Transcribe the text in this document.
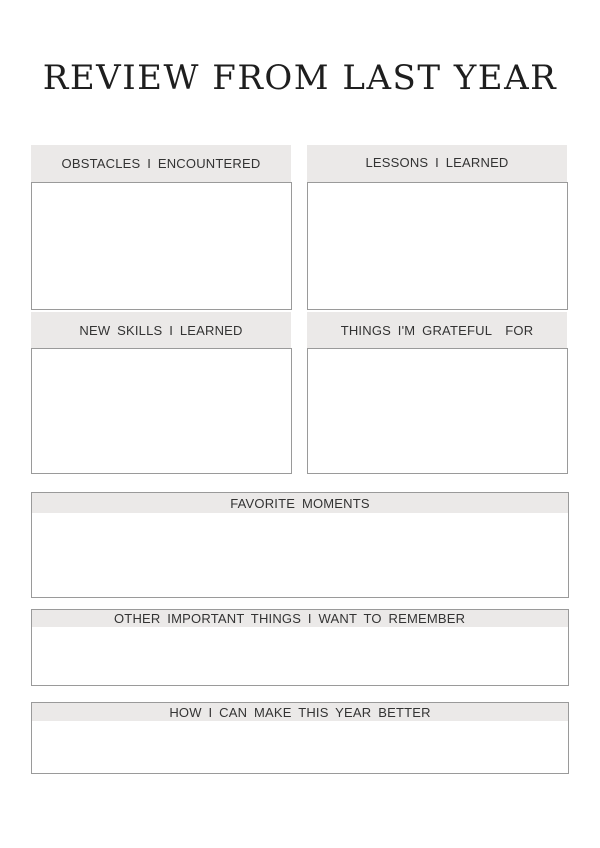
REVIEW FROM LAST YEAR
OBSTACLES I ENCOUNTERED	LESSONS I LEARNED
NEW SKILLS I LEARNED	THINGS I'M GRATEFUL  FOR
FAVORITE MOMENTS
OTHER IMPORTANT THINGS I WANT TO REMEMBER
HOW I CAN MAKE THIS YEAR BETTER
